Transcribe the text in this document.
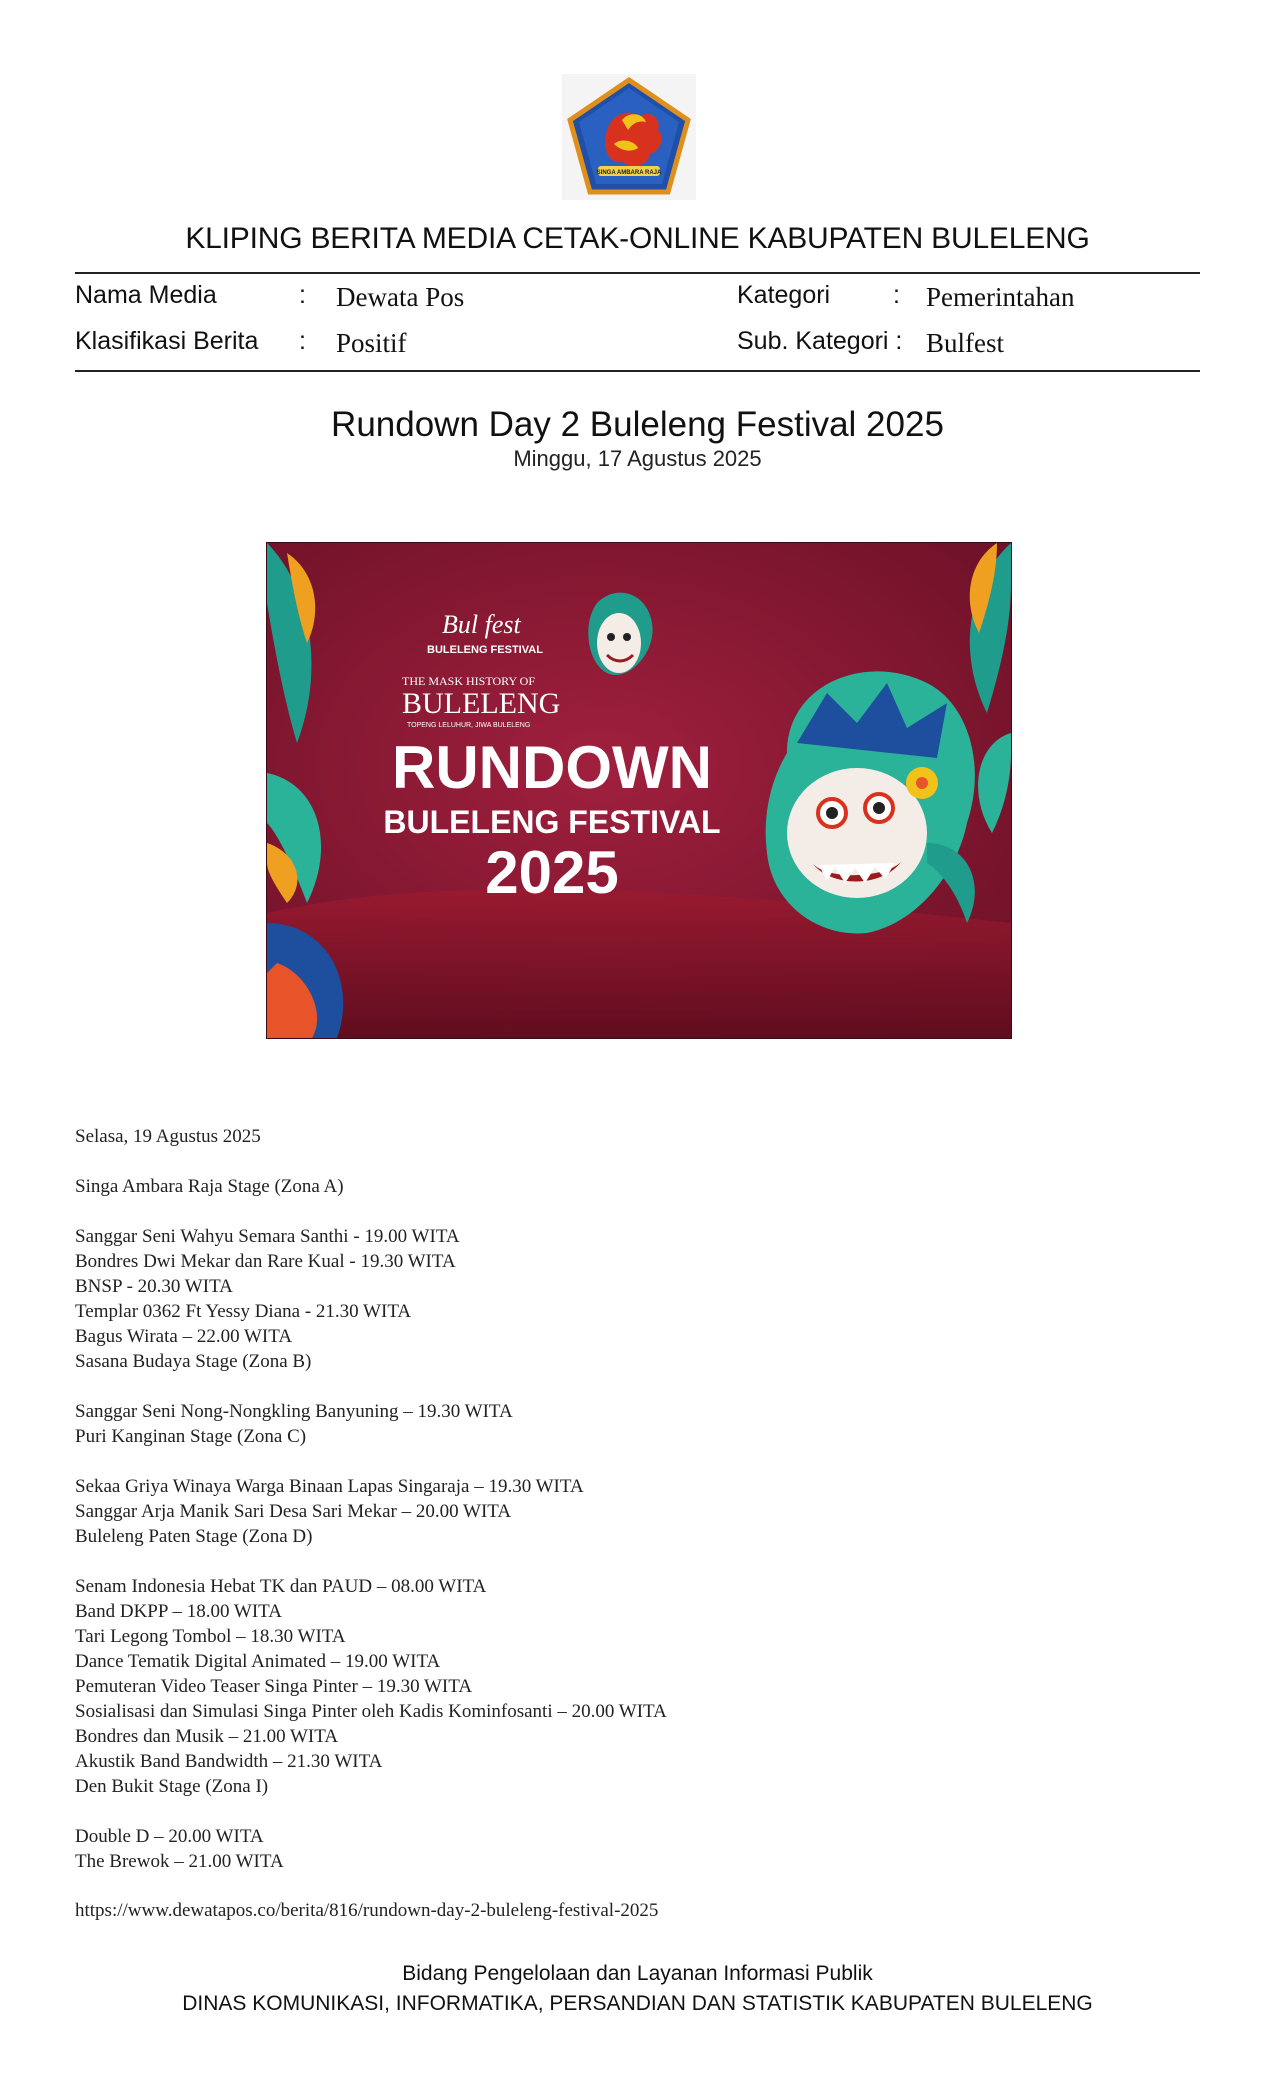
SINGA AMBARA RAJA
KLIPING BERITA MEDIA CETAK-ONLINE KABUPATEN BULELENG
Nama Media	: Dewata Pos	Kategori	: Pemerintahan
Klasifikasi Berita : Positif	Sub. Kategori : Bulfest
Rundown Day 2 Buleleng Festival 2025
Minggu, 17 Agustus 2025
Bul fest
BULELENG FESTIVAL
THE MASK HISTORY OF
BULELENG
TOPENG LELUHUR, JIWA BULELENG
RUNDOWN
BULELENG FESTIVAL
2025
Selasa, 19 Agustus 2025
Singa Ambara Raja Stage (Zona A)
Sanggar Seni Wahyu Semara Santhi - 19.00 WITA
Bondres Dwi Mekar dan Rare Kual - 19.30 WITA
BNSP - 20.30 WITA
Templar 0362 Ft Yessy Diana - 21.30 WITA
Bagus Wirata – 22.00 WITA
Sasana Budaya Stage (Zona B)
Sanggar Seni Nong-Nongkling Banyuning – 19.30 WITA
Puri Kanginan Stage (Zona C)
Sekaa Griya Winaya Warga Binaan Lapas Singaraja – 19.30 WITA
Sanggar Arja Manik Sari Desa Sari Mekar – 20.00 WITA
Buleleng Paten Stage (Zona D)
Senam Indonesia Hebat TK dan PAUD – 08.00 WITA
Band DKPP – 18.00 WITA
Tari Legong Tombol – 18.30 WITA
Dance Tematik Digital Animated – 19.00 WITA
Pemuteran Video Teaser Singa Pinter – 19.30 WITA
Sosialisasi dan Simulasi Singa Pinter oleh Kadis Kominfosanti – 20.00 WITA
Bondres dan Musik – 21.00 WITA
Akustik Band Bandwidth – 21.30 WITA
Den Bukit Stage (Zona I)
Double D – 20.00 WITA
The Brewok – 21.00 WITA
https://www.dewatapos.co/berita/816/rundown-day-2-buleleng-festival-2025
Bidang Pengelolaan dan Layanan Informasi Publik
DINAS KOMUNIKASI, INFORMATIKA, PERSANDIAN DAN STATISTIK KABUPATEN BULELENG
